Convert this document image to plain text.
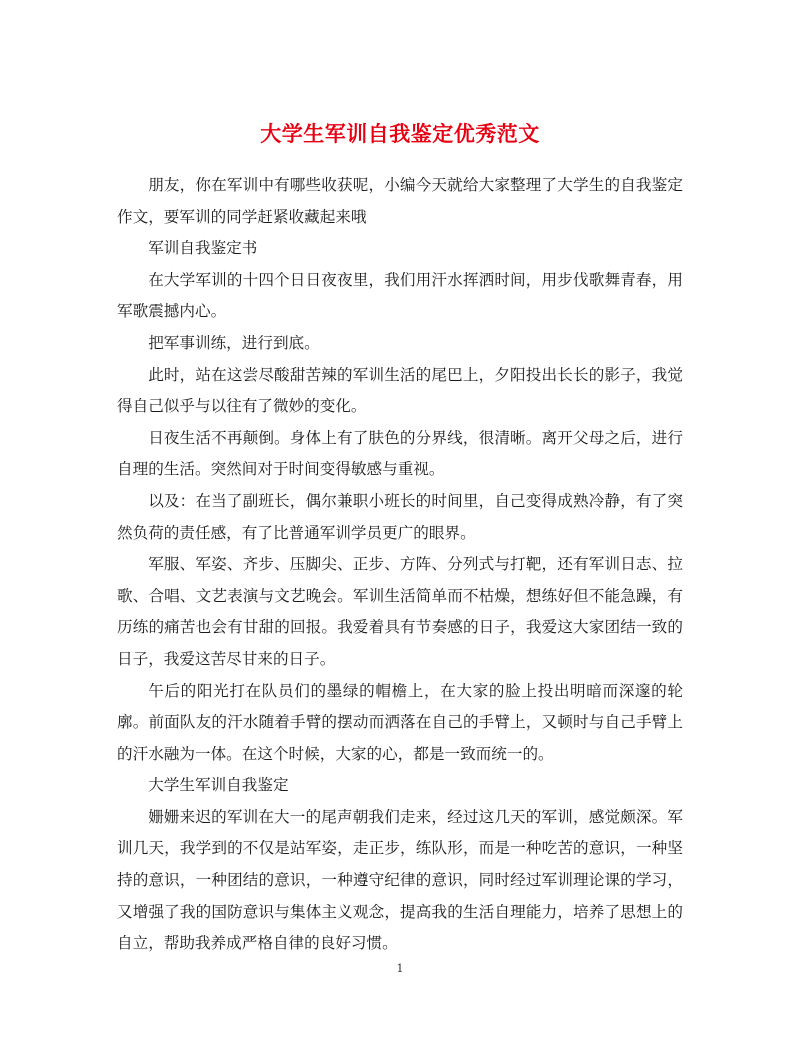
大学生军训自我鉴定优秀范文

朋友，你在军训中有哪些收获呢，小编今天就给大家整理了大学生的自我鉴定作文，要军训的同学赶紧收藏起来哦

军训自我鉴定书

在大学军训的十四个日日夜夜里，我们用汗水挥洒时间，用步伐歌舞青春，用军歌震撼内心。

把军事训练，进行到底。

此时，站在这尝尽酸甜苦辣的军训生活的尾巴上，夕阳投出长长的影子，我觉得自己似乎与以往有了微妙的变化。

日夜生活不再颠倒。身体上有了肤色的分界线，很清晰。离开父母之后，进行自理的生活。突然间对于时间变得敏感与重视。

以及：在当了副班长，偶尔兼职小班长的时间里，自己变得成熟冷静，有了突然负荷的责任感，有了比普通军训学员更广的眼界。

军服、军姿、齐步、压脚尖、正步、方阵、分列式与打靶，还有军训日志、拉歌、合唱、文艺表演与文艺晚会。军训生活简单而不枯燥，想练好但不能急躁，有历练的痛苦也会有甘甜的回报。我爱着具有节奏感的日子，我爱这大家团结一致的日子，我爱这苦尽甘来的日子。

午后的阳光打在队员们的墨绿的帽檐上，在大家的脸上投出明暗而深邃的轮廓。前面队友的汗水随着手臂的摆动而洒落在自己的手臂上，又顿时与自己手臂上的汗水融为一体。在这个时候，大家的心，都是一致而统一的。

大学生军训自我鉴定

姗姗来迟的军训在大一的尾声朝我们走来，经过这几天的军训，感觉颇深。军训几天，我学到的不仅是站军姿，走正步，练队形，而是一种吃苦的意识，一种坚持的意识，一种团结的意识，一种遵守纪律的意识，同时经过军训理论课的学习，又增强了我的国防意识与集体主义观念，提高我的生活自理能力，培养了思想上的自立，帮助我养成严格自律的良好习惯。

1
